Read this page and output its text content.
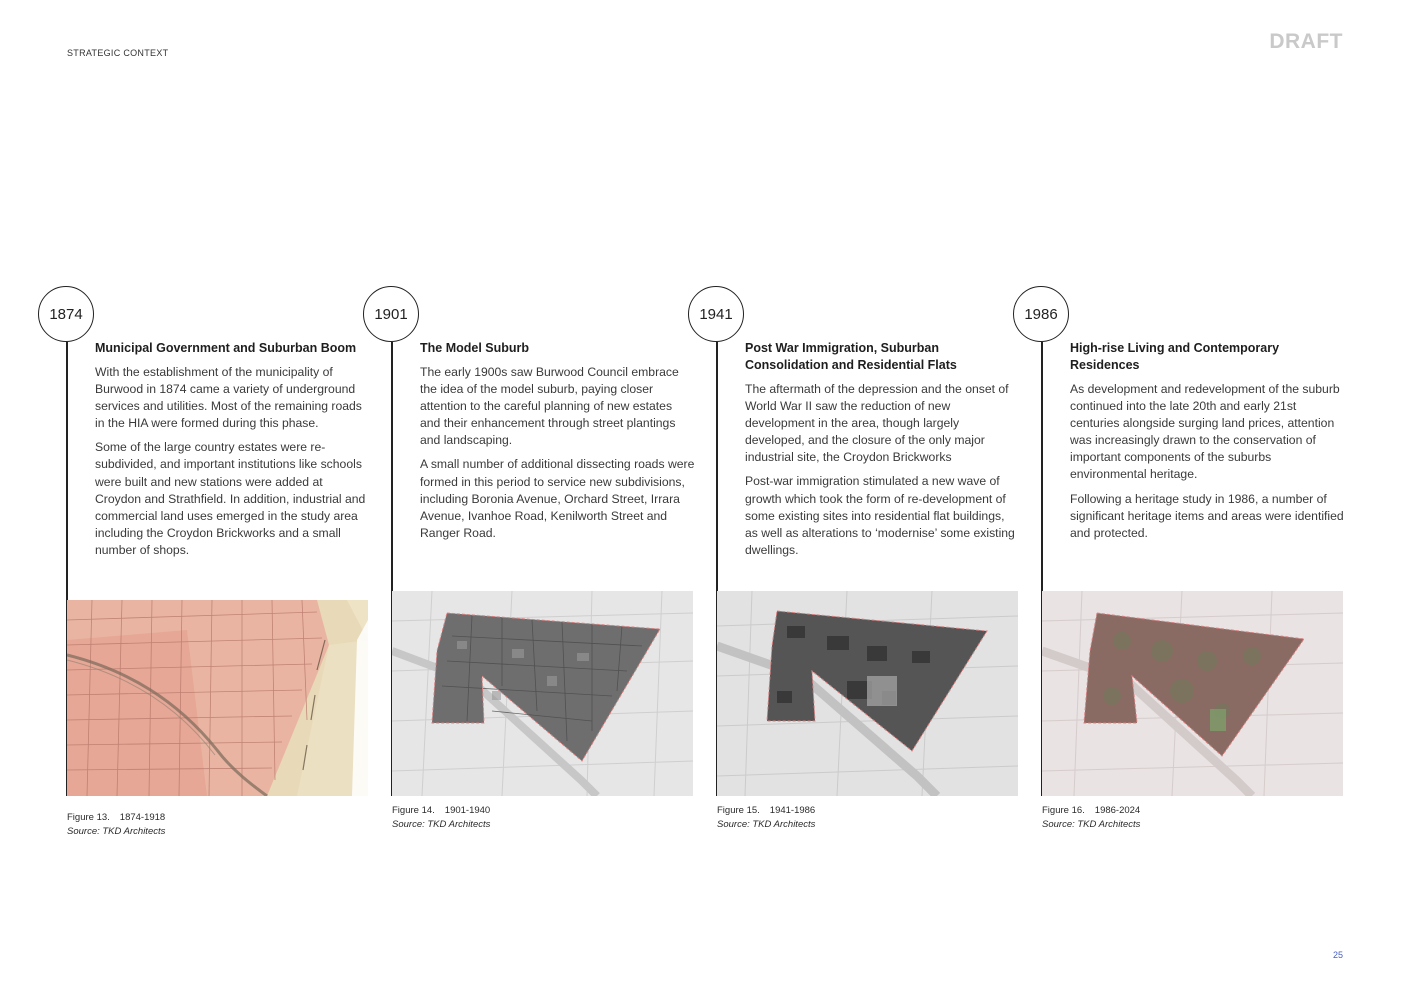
STRATEGIC CONTEXT	DRAFT
1874
Municipal Government and Suburban Boom

With the establishment of the municipality of Burwood in 1874 came a variety of underground services and utilities. Most of the remaining roads in the HIA were formed during this phase.

Some of the large country estates were re-subdivided, and important institutions like schools were built and new stations were added at Croydon and Strathfield. In addition, industrial and commercial land uses emerged in the study area including the Croydon Brickworks and a small number of shops.

Figure 13. 1874-1918
Source: TKD Architects
1901
The Model Suburb

The early 1900s saw Burwood Council embrace the idea of the model suburb, paying closer attention to the careful planning of new estates and their enhancement through street plantings and landscaping.

A small number of additional dissecting roads were formed in this period to service new subdivisions, including Boronia Avenue, Orchard Street, Irrara Avenue, Ivanhoe Road, Kenilworth Street and Ranger Road.

Figure 14. 1901-1940
Source: TKD Architects
1941
Post War Immigration, Suburban Consolidation and Residential Flats

The aftermath of the depression and the onset of World War II saw the reduction of new development in the area, though largely developed, and the closure of the only major industrial site, the Croydon Brickworks

Post-war immigration stimulated a new wave of growth which took the form of re-development of some existing sites into residential flat buildings, as well as alterations to ‘modernise’ some existing dwellings.

Figure 15. 1941-1986
Source: TKD Architects
1986
High-rise Living and Contemporary Residences

As development and redevelopment of the suburb continued into the late 20th and early 21st centuries alongside surging land prices, attention was increasingly drawn to the conservation of important components of the suburbs environmental heritage.

Following a heritage study in 1986, a number of significant heritage items and areas were identified and protected.

Figure 16. 1986-2024
Source: TKD Architects
25
